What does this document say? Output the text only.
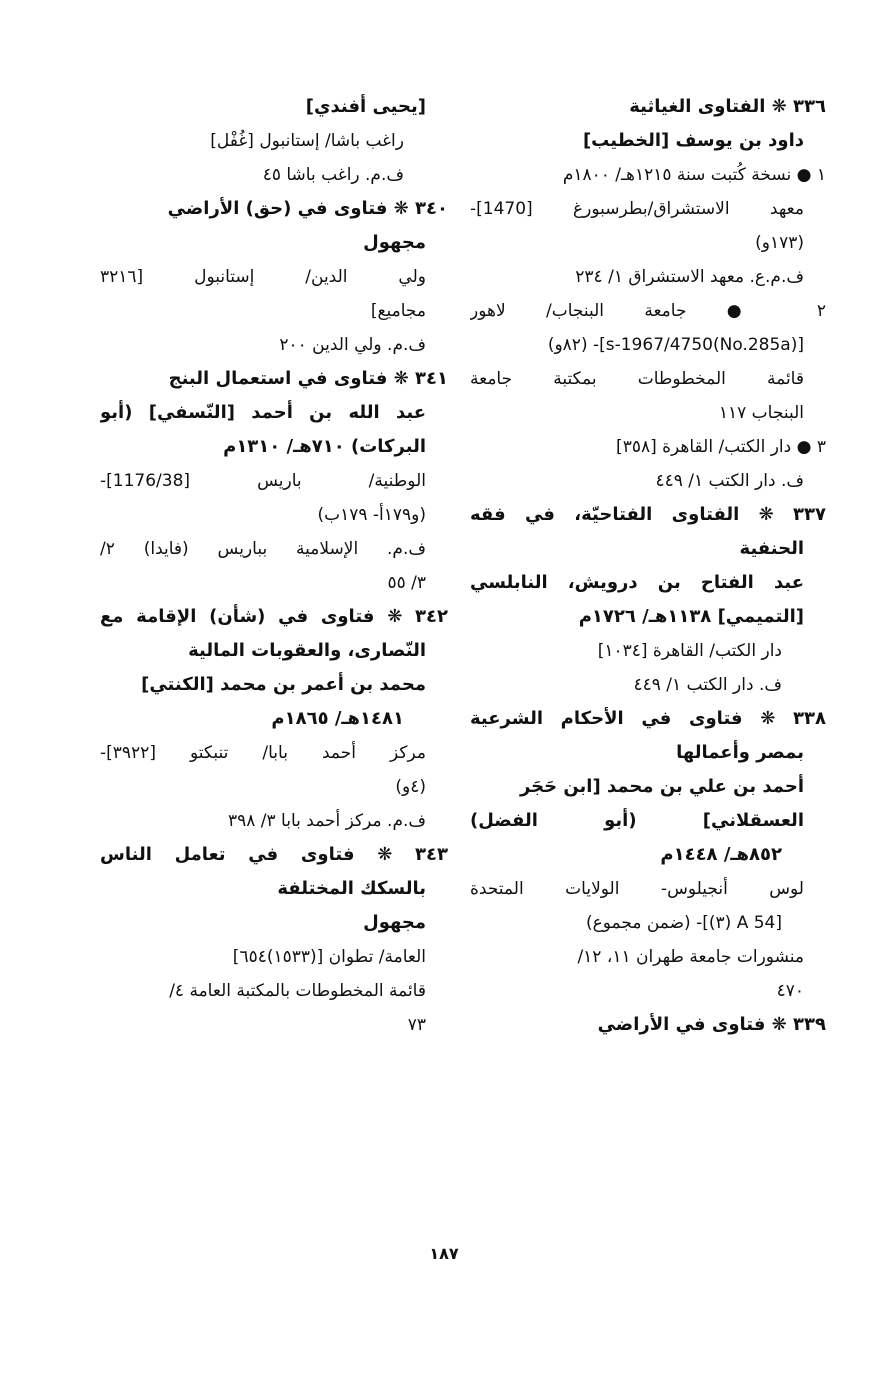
٣٣٦ ❋ الفتاوى الغياثية
داود بن يوسف [الخطيب]
١ ● نسخة كُتبت سنة ١٢١٥هـ/ ١٨٠٠م
معهد الاستشراق/بطرسبورغ [1470]-
(١٧٣و)
ف.م.ع. معهد الاستشراق ١/ ٢٣٤
٢ ● جامعة البنجاب/ لاهور
[(No.285a)s-1967/4750]- (٨٢و)
قائمة المخطوطات بمكتبة جامعة
البنجاب ١١٧
٣ ● دار الكتب/ القاهرة [٣٥٨]
ف. دار الكتب ١/ ٤٤٩
٣٣٧ ❋ الفتاوى الفتاحيّة، في فقه
الحنفية
عبد الفتاح بن درويش، النابلسي
[التميمي] ١١٣٨هـ/ ١٧٢٦م
دار الكتب/ القاهرة [١٠٣٤]
ف. دار الكتب ١/ ٤٤٩
٣٣٨ ❋ فتاوى في الأحكام الشرعية
بمصر وأعمالها
أحمد بن علي بن محمد [ابن حَجَر
العسقلاني] (أبو الفضل)
٨٥٢هـ/ ١٤٤٨م
لوس أنجيلوس- الولايات المتحدة
[A 54 (٣)]- (ضمن مجموع)
منشورات جامعة طهران ١١، ١٢/
٤٧٠
٣٣٩ ❋ فتاوى في الأراضي
[يحيى أفندي]
راغب باشا/ إستانبول [غُفْل]
ف.م. راغب باشا ٤٥
٣٤٠ ❋ فتاوى في (حق) الأراضي
مجهول
ولي الدين/ إستانبول [٣٢١٦
مجاميع]
ف.م. ولي الدين ٢٠٠
٣٤١ ❋ فتاوى في استعمال البنج
عبد الله بن أحمد [النّسفي] (أبو
البركات) ٧١٠هـ/ ١٣١٠م
الوطنية/ باريس [1176/38]-
(و١٧٩أ- ١٧٩ب)
ف.م. الإسلامية بباريس (فايدا) ٢/
٣/ ٥٥
٣٤٢ ❋ فتاوى في (شأن) الإقامة مع
النّصارى، والعقوبات المالية
محمد بن أعمر بن محمد [الكنتي]
١٤٨١هـ/ ١٨٦٥م
مركز أحمد بابا/ تنبكتو [٣٩٢٢]-
(٤و)
ف.م. مركز أحمد بابا ٣/ ٣٩٨
٣٤٣ ❋ فتاوى في تعامل الناس
بالسكك المختلفة
مجهول
العامة/ تطوان [(١٥٣٣)٦٥٤]
قائمة المخطوطات بالمكتبة العامة ٤/
٧٣
١٨٧
